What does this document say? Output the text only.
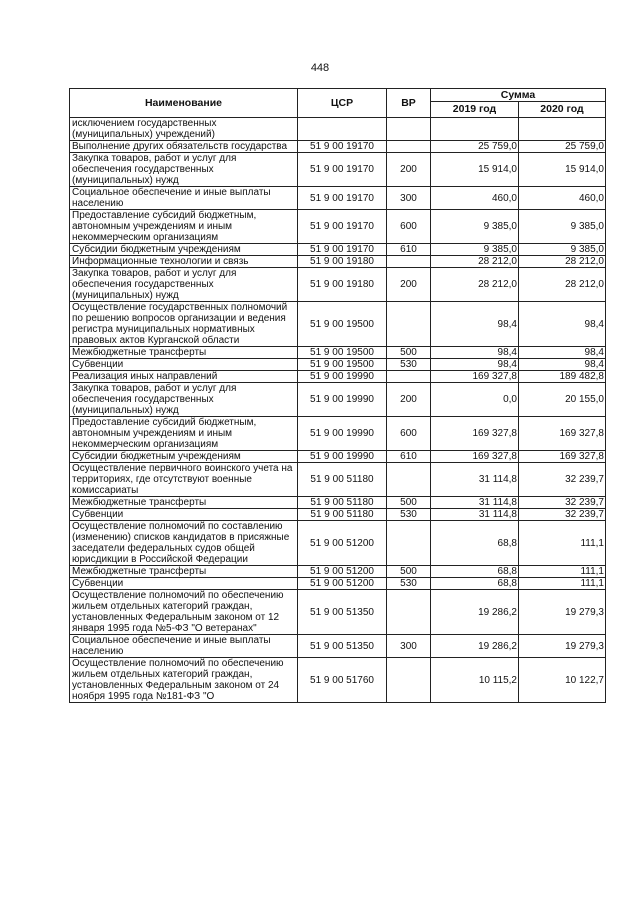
448
Наименование	ЦСР	ВР	Сумма	
			2019 год	2020 год
исключением государственных (муниципальных) учреждений)				
Выполнение других обязательств государства	51 9 00 19170		25 759,0	25 759,0
Закупка товаров, работ и услуг для обеспечения государственных (муниципальных) нужд	51 9 00 19170	200	15 914,0	15 914,0
Социальное обеспечение и иные выплаты населению	51 9 00 19170	300	460,0	460,0
Предоставление субсидий бюджетным, автономным учреждениям и иным некоммерческим организациям	51 9 00 19170	600	9 385,0	9 385,0
Субсидии бюджетным учреждениям	51 9 00 19170	610	9 385,0	9 385,0
Информационные технологии и связь	51 9 00 19180		28 212,0	28 212,0
Закупка товаров, работ и услуг для обеспечения государственных (муниципальных) нужд	51 9 00 19180	200	28 212,0	28 212,0
Осуществление государственных полномочий по решению вопросов организации и ведения регистра муниципальных нормативных правовых актов Курганской области	51 9 00 19500		98,4	98,4
Межбюджетные трансферты	51 9 00 19500	500	98,4	98,4
Субвенции	51 9 00 19500	530	98,4	98,4
Реализация иных направлений	51 9 00 19990		169 327,8	189 482,8
Закупка товаров, работ и услуг для обеспечения государственных (муниципальных) нужд	51 9 00 19990	200	0,0	20 155,0
Предоставление субсидий бюджетным, автономным учреждениям и иным некоммерческим организациям	51 9 00 19990	600	169 327,8	169 327,8
Субсидии бюджетным учреждениям	51 9 00 19990	610	169 327,8	169 327,8
Осуществление первичного воинского учета на территориях, где отсутствуют военные комиссариаты	51 9 00 51180		31 114,8	32 239,7
Межбюджетные трансферты	51 9 00 51180	500	31 114,8	32 239,7
Субвенции	51 9 00 51180	530	31 114,8	32 239,7
Осуществление полномочий по составлению (изменению) списков кандидатов в присяжные заседатели федеральных судов общей юрисдикции в Российской Федерации	51 9 00 51200		68,8	111,1
Межбюджетные трансферты	51 9 00 51200	500	68,8	111,1
Субвенции	51 9 00 51200	530	68,8	111,1
Осуществление полномочий по обеспечению жильем отдельных категорий граждан, установленных Федеральным законом от 12 января 1995 года №5-ФЗ "О ветеранах"	51 9 00 51350		19 286,2	19 279,3
Социальное обеспечение и иные выплаты населению	51 9 00 51350	300	19 286,2	19 279,3
Осуществление полномочий по обеспечению жильем отдельных категорий граждан, установленных Федеральным законом от 24 ноября 1995 года №181-ФЗ "О	51 9 00 51760		10 115,2	10 122,7
